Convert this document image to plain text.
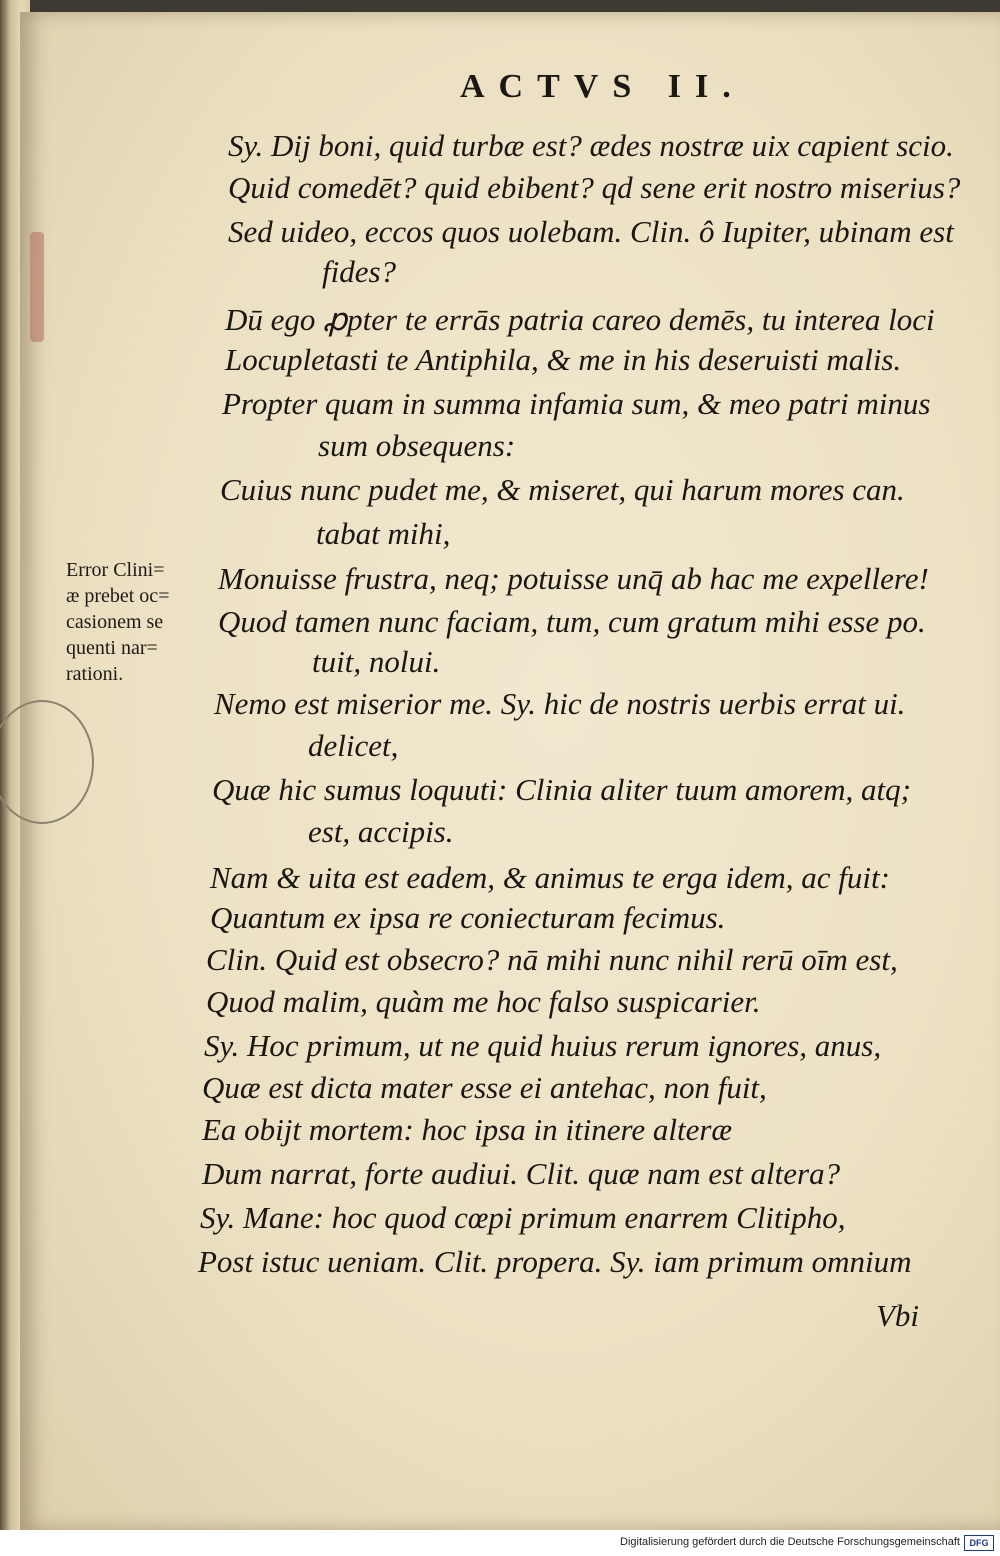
ACTVS II.
Sy. Dij boni, quid turbæ est? ædes nostræ uix capient scio.
Quid comedēt? quid ebibent? qd sene erit nostro miserius?
Sed uideo, eccos quos uolebam. Clin. ô Iupiter, ubinam est
fides?
Dū ego ꝓpter te errās patria careo demēs, tu interea loci
Locupletasti te Antiphila, & me in his deseruisti malis.
Propter quam in summa infamia sum, & meo patri minus
sum obsequens:
Cuius nunc pudet me, & miseret, qui harum mores can.
tabat mihi,
Monuisse frustra, neq; potuisse unq̄ ab hac me expellere!
Quod tamen nunc faciam, tum, cum gratum mihi esse po.
tuit, nolui.
Nemo est miserior me. Sy. hic de nostris uerbis errat ui.
delicet,
Quæ hic sumus loquuti: Clinia aliter tuum amorem, atq;
est, accipis.
Nam & uita est eadem, & animus te erga idem, ac fuit:
Quantum ex ipsa re coniecturam fecimus.
Clin. Quid est obsecro? nā mihi nunc nihil rerū oīm est,
Quod malim, quàm me hoc falso suspicarier.
Sy. Hoc primum, ut ne quid huius rerum ignores, anus,
Quæ est dicta mater esse ei antehac, non fuit,
Ea obijt mortem: hoc ipsa in itinere alteræ
Dum narrat, forte audiui. Clit. quæ nam est altera?
Sy. Mane: hoc quod cœpi primum enarrem Clitipho,
Post istuc ueniam. Clit. propera. Sy. iam primum omnium
Error Clini=
æ prebet oc=
casionem se
quenti nar=
rationi.
Vbi
Digitalisierung gefördert durch die Deutsche Forschungsgemeinschaft	DFG
